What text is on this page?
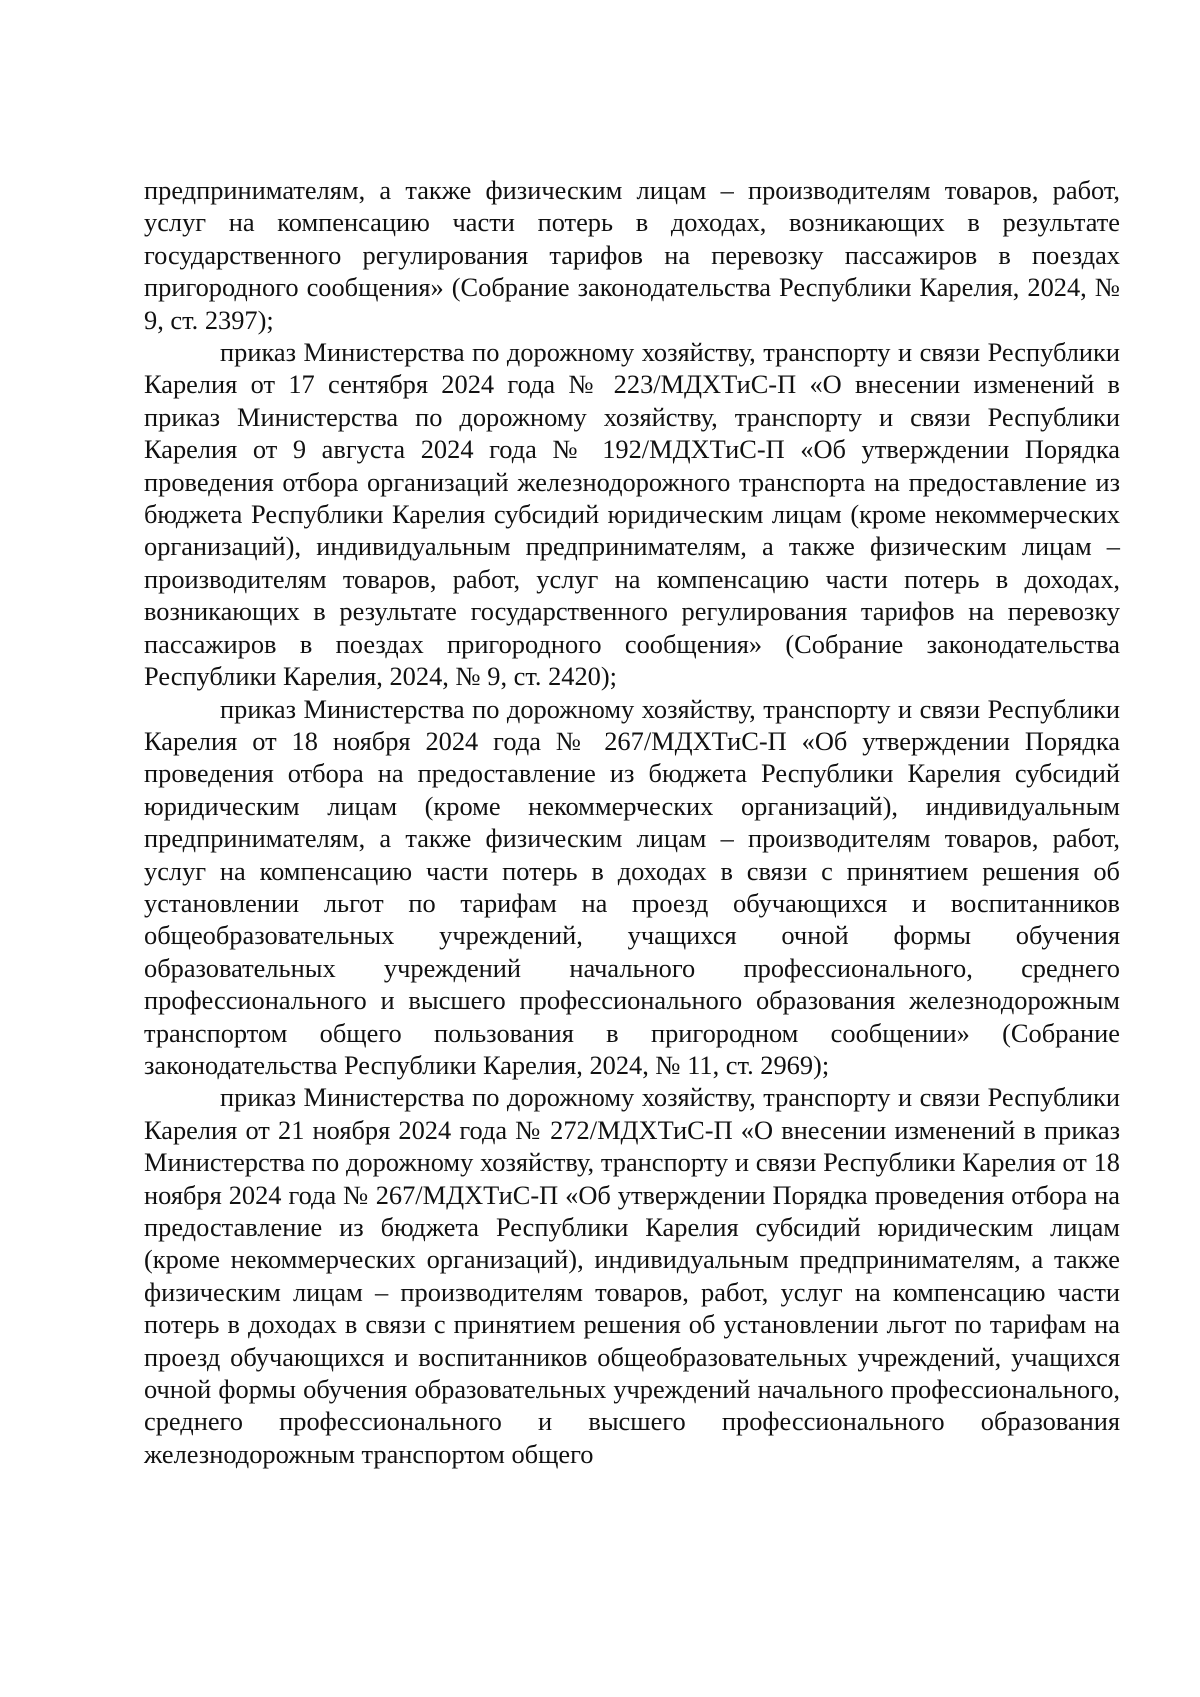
предпринимателям, а также физическим лицам – производителям товаров, работ, услуг на компенсацию части потерь в доходах, возникающих в результате государственного регулирования тарифов на перевозку пассажиров в поездах пригородного сообщения» (Собрание законодательства Республики Карелия, 2024, № 9, ст. 2397);

приказ Министерства по дорожному хозяйству, транспорту и связи Республики Карелия от 17 сентября 2024 года № 223/МДХТиС-П «О внесении изменений в приказ Министерства по дорожному хозяйству, транспорту и связи Республики Карелия от 9 августа 2024 года № 192/МДХТиС-П «Об утверждении Порядка проведения отбора организаций железнодорожного транспорта на предоставление из бюджета Республики Карелия субсидий юридическим лицам (кроме некоммерческих организаций), индивидуальным предпринимателям, а также физическим лицам – производителям товаров, работ, услуг на компенсацию части потерь в доходах, возникающих в результате государственного регулирования тарифов на перевозку пассажиров в поездах пригородного сообщения» (Собрание законодательства Республики Карелия, 2024, № 9, ст. 2420);

приказ Министерства по дорожному хозяйству, транспорту и связи Республики Карелия от 18 ноября 2024 года № 267/МДХТиС-П «Об утверждении Порядка проведения отбора на предоставление из бюджета Республики Карелия субсидий юридическим лицам (кроме некоммерческих организаций), индивидуальным предпринимателям, а также физическим лицам – производителям товаров, работ, услуг на компенсацию части потерь в доходах в связи с принятием решения об установлении льгот по тарифам на проезд обучающихся и воспитанников общеобразовательных учреждений, учащихся очной формы обучения образовательных учреждений начального профессионального, среднего профессионального и высшего профессионального образования железнодорожным транспортом общего пользования в пригородном сообщении» (Собрание законодательства Республики Карелия, 2024, № 11, ст. 2969);

приказ Министерства по дорожному хозяйству, транспорту и связи Республики Карелия от 21 ноября 2024 года № 272/МДХТиС-П «О внесении изменений в приказ Министерства по дорожному хозяйству, транспорту и связи Республики Карелия от 18 ноября 2024 года № 267/МДХТиС-П «Об утверждении Порядка проведения отбора на предоставление из бюджета Республики Карелия субсидий юридическим лицам (кроме некоммерческих организаций), индивидуальным предпринимателям, а также физическим лицам – производителям товаров, работ, услуг на компенсацию части потерь в доходах в связи с принятием решения об установлении льгот по тарифам на проезд обучающихся и воспитанников общеобразовательных учреждений, учащихся очной формы обучения образовательных учреждений начального профессионального, среднего профессионального и высшего профессионального образования железнодорожным транспортом общего
